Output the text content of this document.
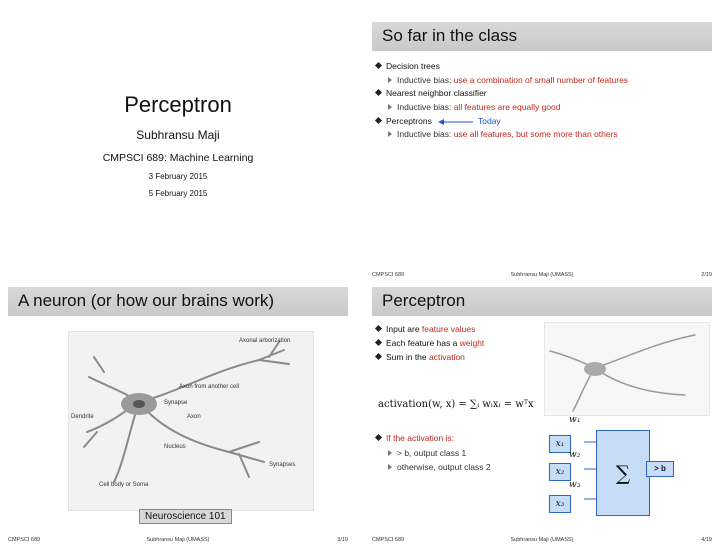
Perceptron
Subhransu Maji
CMPSCI 689: Machine Learning
3 February 2015
5 February 2015
So far in the class
Decision trees
Inductive bias: use a combination of small number of features
Nearest neighbor classifier
Inductive bias: all features are equally good
Perceptrons	Today
Inductive bias: use all features, but some more than others
CMPSCI 689	Subhransu Maji (UMASS)	2/19
A neuron (or how our brains work)
Axonal arborization
Axon from another cell
Synapse
Dendrite	Axon
Nucleus
Synapses
Cell body or Soma
Neuroscience 101
CMPSCI 689	Subhransu Maji (UMASS)	3/19
Perceptron
Input are feature values
Each feature has a weight
Sum in the activation
activation(w, x) = ∑ᵢ wᵢxᵢ = wᵀx
If the activation is:
> b, output class 1
otherwise, output class 2
w₁
x₁
w₂
x₂
w₃
x₃
∑	> b
CMPSCI 689	Subhransu Maji (UMASS)	4/19
